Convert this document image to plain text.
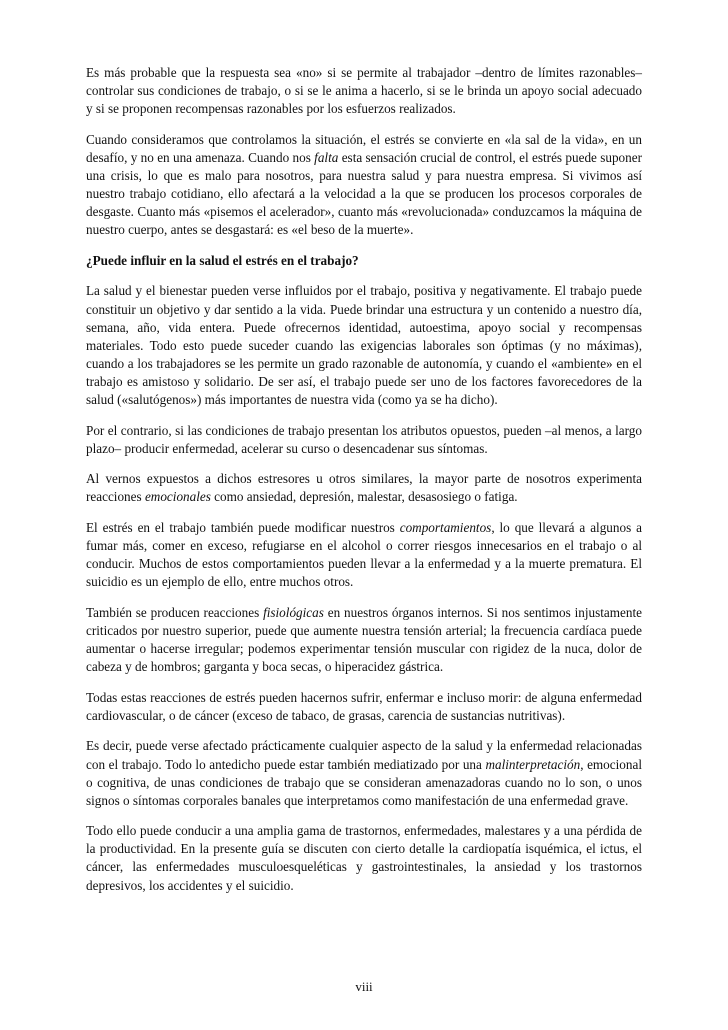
Es más probable que la respuesta sea «no» si se permite al trabajador –dentro de límites razonables– controlar sus condiciones de trabajo, o si se le anima a hacerlo, si se le brinda un apoyo social adecuado y si se proponen recompensas razonables por los esfuerzos realizados.

Cuando consideramos que controlamos la situación, el estrés se convierte en «la sal de la vida», en un desafío, y no en una amenaza. Cuando nos falta esta sensación crucial de control, el estrés puede suponer una crisis, lo que es malo para nosotros, para nuestra salud y para nuestra empresa. Si vivimos así nuestro trabajo cotidiano, ello afectará a la velocidad a la que se producen los procesos corporales de desgaste. Cuanto más «pisemos el acelerador», cuanto más «revolucionada» conduzcamos la máquina de nuestro cuerpo, antes se desgastará: es «el beso de la muerte».

¿Puede influir en la salud el estrés en el trabajo?

La salud y el bienestar pueden verse influidos por el trabajo, positiva y negativamente. El trabajo puede constituir un objetivo y dar sentido a la vida. Puede brindar una estructura y un contenido a nuestro día, semana, año, vida entera. Puede ofrecernos identidad, autoestima, apoyo social y recompensas materiales. Todo esto puede suceder cuando las exigencias laborales son óptimas (y no máximas), cuando a los trabajadores se les permite un grado razonable de autonomía, y cuando el «ambiente» en el trabajo es amistoso y solidario. De ser así, el trabajo puede ser uno de los factores favorecedores de la salud («salutógenos») más importantes de nuestra vida (como ya se ha dicho).

Por el contrario, si las condiciones de trabajo presentan los atributos opuestos, pueden –al menos, a largo plazo– producir enfermedad, acelerar su curso o desencadenar sus síntomas.

Al vernos expuestos a dichos estresores u otros similares, la mayor parte de nosotros experimenta reacciones emocionales como ansiedad, depresión, malestar, desasosiego o fatiga.

El estrés en el trabajo también puede modificar nuestros comportamientos, lo que llevará a algunos a fumar más, comer en exceso, refugiarse en el alcohol o correr riesgos innecesarios en el trabajo o al conducir. Muchos de estos comportamientos pueden llevar a la enfermedad y a la muerte prematura. El suicidio es un ejemplo de ello, entre muchos otros.

También se producen reacciones fisiológicas en nuestros órganos internos. Si nos sentimos injustamente criticados por nuestro superior, puede que aumente nuestra tensión arterial; la frecuencia cardíaca puede aumentar o hacerse irregular; podemos experimentar tensión muscular con rigidez de la nuca, dolor de cabeza y de hombros; garganta y boca secas, o hiperacidez gástrica.

Todas estas reacciones de estrés pueden hacernos sufrir, enfermar e incluso morir: de alguna enfermedad cardiovascular, o de cáncer (exceso de tabaco, de grasas, carencia de sustancias nutritivas).

Es decir, puede verse afectado prácticamente cualquier aspecto de la salud y la enfermedad relacionadas con el trabajo. Todo lo antedicho puede estar también mediatizado por una malinterpretación, emocional o cognitiva, de unas condiciones de trabajo que se consideran amenazadoras cuando no lo son, o unos signos o síntomas corporales banales que interpretamos como manifestación de una enfermedad grave.

Todo ello puede conducir a una amplia gama de trastornos, enfermedades, malestares y a una pérdida de la productividad. En la presente guía se discuten con cierto detalle la cardiopatía isquémica, el ictus, el cáncer, las enfermedades musculoesqueléticas y gastrointestinales, la ansiedad y los trastornos depresivos, los accidentes y el suicidio.

viii
